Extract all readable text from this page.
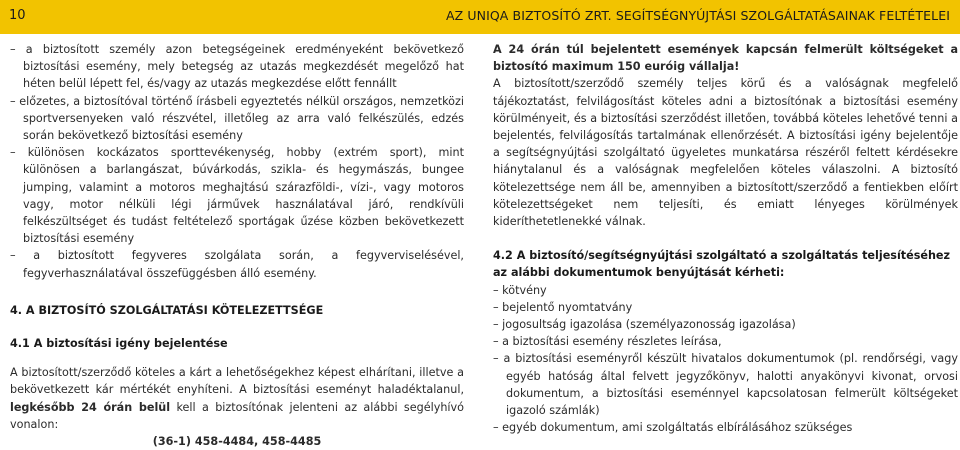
10	AZ UNIQA BIZTOSÍTÓ ZRT. SEGÍTSÉGNYÚJTÁSI SZOLGÁLTATÁSAINAK FELTÉTELEI

– a biztosított személy azon betegségeinek eredményeként bekövetkező biztosítási esemény, mely betegség az utazás megkezdését megelőző hat héten belül lépett fel, és/vagy az utazás megkezdése előtt fennállt

– előzetes, a biztosítóval történő írásbeli egyeztetés nélkül országos, nemzetközi sportversenyeken való részvétel, illetőleg az arra való felkészülés, edzés során bekövetkező biztosítási esemény

– különösen kockázatos sporttevékenység, hobby (extrém sport), mint különösen a barlangászat, búvárkodás, szikla- és hegymászás, bungee jumping, valamint a motoros meghajtású szárazföldi-, vízi-, vagy motoros vagy, motor nélküli légi járművek használatával járó, rendkívüli felkészültséget és tudást feltételező sportágak űzése közben bekövetkezett biztosítási esemény

– a biztosított fegyveres szolgálata során, a fegyverviselésével, fegyverhasználatával összefüggésben álló esemény.

4. A BIZTOSÍTÓ SZOLGÁLTATÁSI KÖTELEZETTSÉGE
4.1 A biztosítási igény bejelentése

A biztosított/szerződő köteles a kárt a lehetőségekhez képest elhárítani, illetve a bekövetkezett kár mértékét enyhíteni. A biztosítási eseményt haladéktalanul, legkésőbb 24 órán belül kell a biztosítónak jelenteni az alábbi segélyhívó vonalon:

(36-1) 458-4484, 458-4485

A 24 órán túl bejelentett események kapcsán felmerült költségeket a biztosító maximum 150 euróig vállalja!

A biztosított/szerződő személy teljes körű és a valóságnak megfelelő tájékoztatást, felvilágosítást köteles adni a biztosítónak a biztosítási esemény körülményeit, és a biztosítási szerződést illetően, továbbá köteles lehetővé tenni a bejelentés, felvilágosítás tartalmának ellenőrzését. A biztosítási igény bejelentője a segítségnyújtási szolgáltató ügyeletes munkatársa részéről feltett kérdésekre hiánytalanul és a valóságnak megfelelően köteles válaszolni. A biztosító kötelezettsége nem áll be, amennyiben a biztosított/szerződő a fentiekben előírt kötelezettségeket nem teljesíti, és emiatt lényeges körülmények kideríthetetlenekké válnak.

4.2 A biztosító/segítségnyújtási szolgáltató a szolgáltatás teljesítéséhez az alábbi dokumentumok benyújtását kérheti:
– kötvény
– bejelentő nyomtatvány
– jogosultság igazolása (személyazonosság igazolása)
– a biztosítási esemény részletes leírása,
– a biztosítási eseményről készült hivatalos dokumentumok (pl. rendőrségi, vagy egyéb hatóság által felvett jegyzőkönyv, halotti anyakönyvi kivonat, orvosi dokumentum, a biztosítási eseménnyel kapcsolatosan felmerült költségeket igazoló számlák)
– egyéb dokumentum, ami szolgáltatás elbírálásához szükséges
